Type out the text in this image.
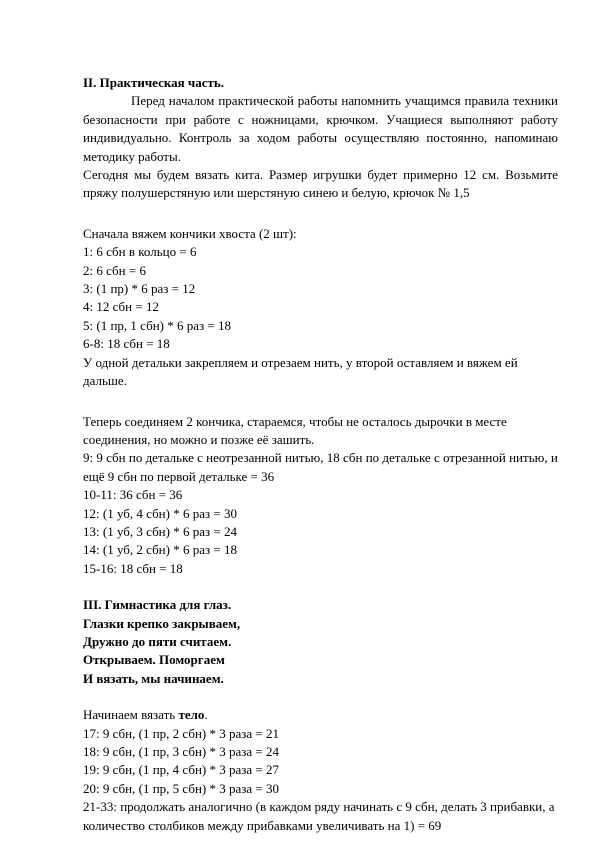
II. Практическая часть.

Перед началом практической работы напомнить учащимся правила техники безопасности при работе с ножницами, крючком. Учащиеся выполняют работу индивидуально. Контроль за ходом работы осуществляю постоянно, напоминаю методику работы.

Сегодня мы будем вязать кита. Размер игрушки будет примерно 12 см. Возьмите пряжу полушерстяную или шерстяную синею и белую, крючок № 1,5

Сначала вяжем кончики хвоста (2 шт):

1: 6 сбн в кольцо = 6

2: 6 сбн = 6

3: (1 пр) * 6 раз = 12

4: 12 сбн = 12

5: (1 пр, 1 сбн) * 6 раз = 18

6-8: 18 сбн = 18

У одной детальки закрепляем и отрезаем нить, у второй оставляем и вяжем ей дальше.

Теперь соединяем 2 кончика, стараемся, чтобы не осталось дырочки в месте соединения, но можно и позже её зашить.

9: 9 сбн по детальке с неотрезанной нитью, 18 сбн по детальке с отрезанной нитью, и ещё 9 сбн по первой детальке = 36

10-11: 36 сбн = 36

12: (1 уб, 4 сбн) * 6 раз = 30

13: (1 уб, 3 сбн) * 6 раз = 24

14: (1 уб, 2 сбн) * 6 раз = 18

15-16: 18 сбн = 18

III. Гимнастика для глаз.

Глазки крепко закрываем,

Дружно до пяти считаем.

Открываем. Поморгаем

И вязать, мы начинаем.

Начинаем вязать тело.

17: 9 сбн, (1 пр, 2 сбн) * 3 раза = 21

18: 9 сбн, (1 пр, 3 сбн) * 3 раза = 24

19: 9 сбн, (1 пр, 4 сбн) * 3 раза = 27

20: 9 сбн, (1 пр, 5 сбн) * 3 раза = 30

21-33: продолжать аналогично (в каждом ряду начинать с 9 сбн, делать 3 прибавки, а количество столбиков между прибавками увеличивать на 1) = 69
